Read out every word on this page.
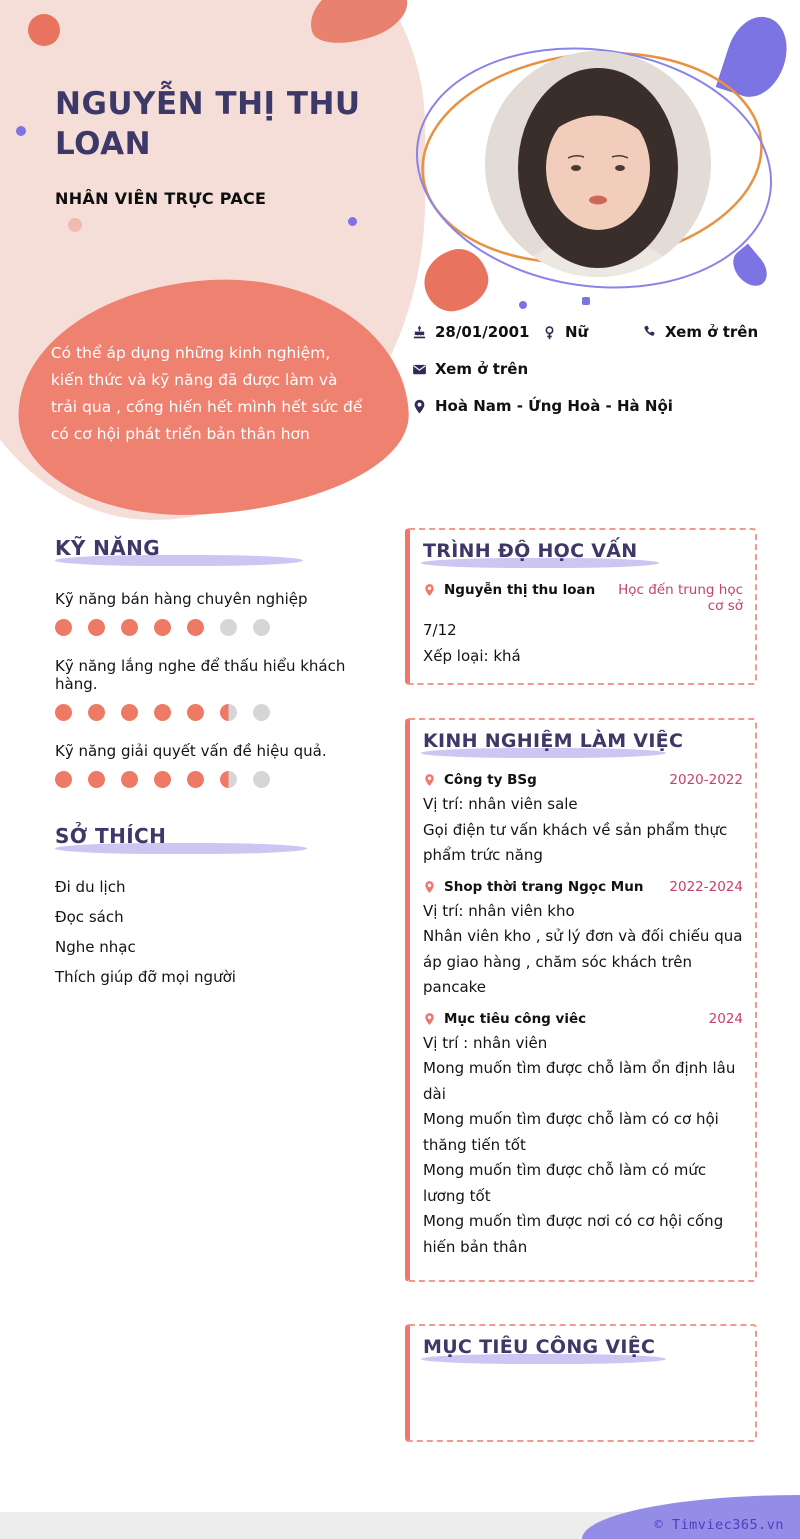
NGUYỄN THỊ THU LOAN
NHÂN VIÊN TRỰC PACE
Có thể áp dụng những kinh nghiệm, kiến thức và kỹ năng đã được làm và trải qua , cống hiến hết mình hết sức để có cơ hội phát triển bản thân hơn
28/01/2001 Nữ	Xem ở trên
Xem ở trên
Hoà Nam - Ứng Hoà - Hà Nội
KỸ NĂNG
Kỹ năng bán hàng chuyên nghiệp
Kỹ năng lắng nghe để thấu hiểu khách hàng.
Kỹ năng giải quyết vấn đề hiệu quả.
SỞ THÍCH
Đi du lịch
Đọc sách
Nghe nhạc
Thích giúp đỡ mọi người
TRÌNH ĐỘ HỌC VẤN
Nguyễn thị thu loan	Học đến trung học cơ sở
7/12
Xếp loại: khá
KINH NGHIỆM LÀM VIỆC
Công ty BSg	2020-2022
Vị trí: nhân viên sale
Gọi điện tư vấn khách về sản phẩm thực phẩm trức năng
Shop thời trang Ngọc Mun 2022-2024
Vị trí: nhân viên kho
Nhân viên kho , sử lý đơn và đối chiếu qua áp giao hàng , chăm sóc khách trên pancake
Mục tiêu công viêc	2024
Vị trí : nhân viên
Mong muốn tìm được chỗ làm ổn định lâu dài
Mong muốn tìm được chỗ làm có cơ hội thăng tiến tốt
Mong muốn tìm được chỗ làm có mức lương tốt
Mong muốn tìm được nơi có cơ hội cống hiến bản thân
MỤC TIÊU CÔNG VIỆC
© Timviec365.vn
